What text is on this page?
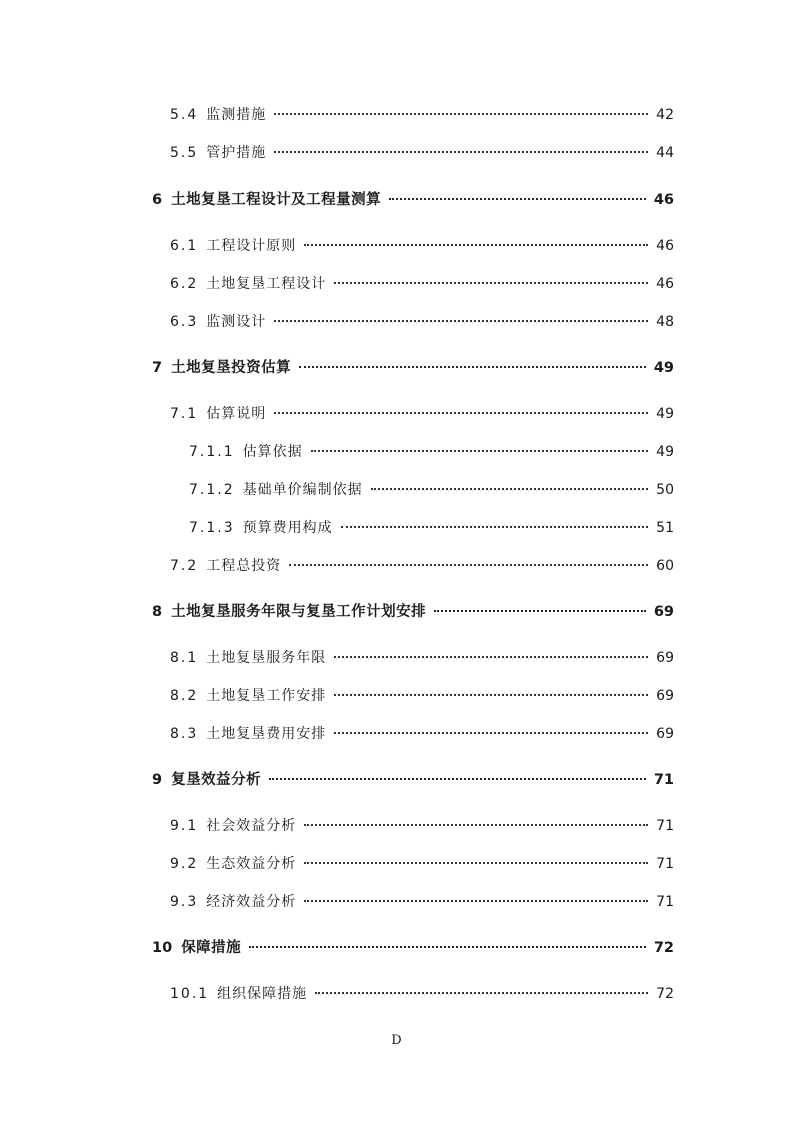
5.4 监测措施	42
5.5 管护措施	44
6 土地复垦工程设计及工程量测算	46
6.1 工程设计原则	46
6.2 土地复垦工程设计	46
6.3 监测设计	48
7 土地复垦投资估算	49
7.1 估算说明	49
7.1.1 估算依据	49
7.1.2 基础单价编制依据	50
7.1.3 预算费用构成	51
7.2 工程总投资	60
8 土地复垦服务年限与复垦工作计划安排	69
8.1 土地复垦服务年限	69
8.2 土地复垦工作安排	69
8.3 土地复垦费用安排	69
9 复垦效益分析	71
9.1 社会效益分析	71
9.2 生态效益分析	71
9.3 经济效益分析	71
10 保障措施	72
10.1 组织保障措施	72
D
